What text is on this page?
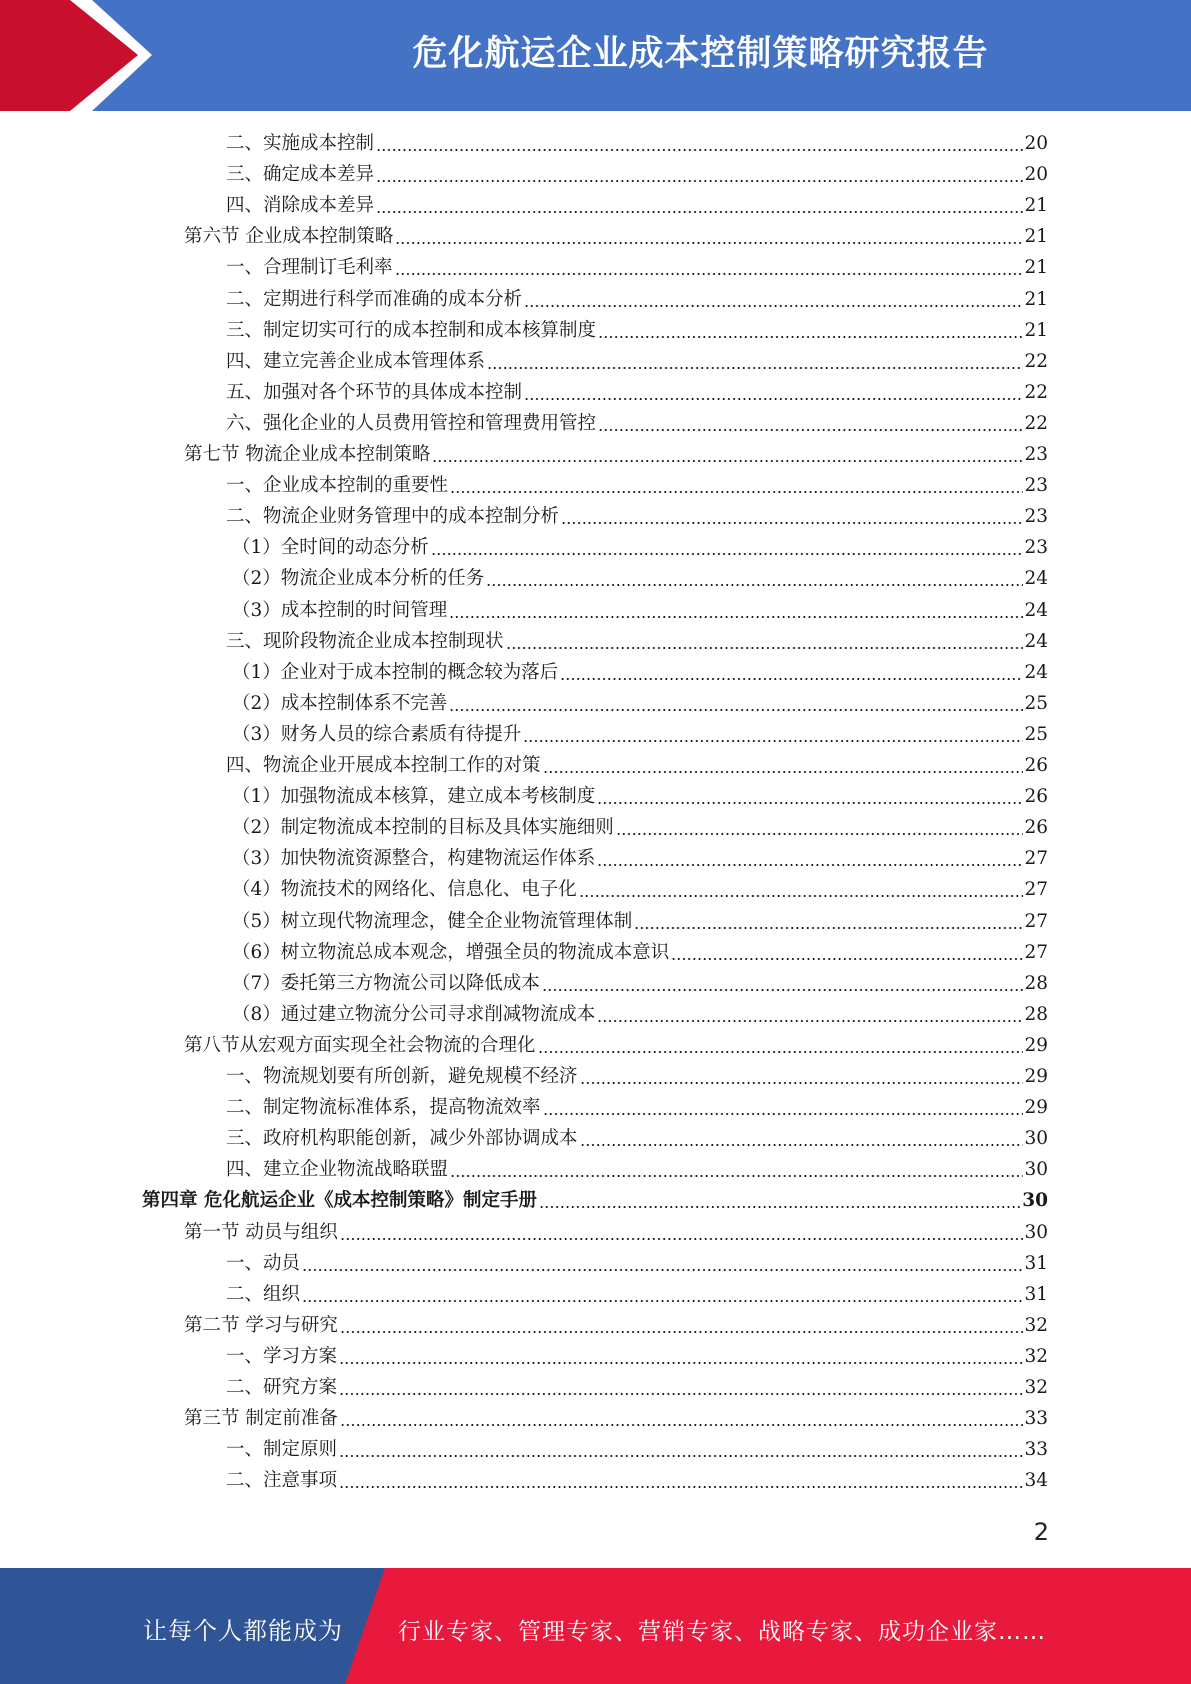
危化航运企业成本控制策略研究报告
二、实施成本控制	20
三、确定成本差异	20
四、消除成本差异	21
第六节 企业成本控制策略	21
一、合理制订毛利率	21
二、定期进行科学而准确的成本分析	21
三、制定切实可行的成本控制和成本核算制度	21
四、建立完善企业成本管理体系	22
五、加强对各个环节的具体成本控制	22
六、强化企业的人员费用管控和管理费用管控	22
第七节 物流企业成本控制策略	23
一、企业成本控制的重要性	23
二、物流企业财务管理中的成本控制分析	23
（1）全时间的动态分析	23
（2）物流企业成本分析的任务	24
（3）成本控制的时间管理	24
三、现阶段物流企业成本控制现状	24
（1）企业对于成本控制的概念较为落后	24
（2）成本控制体系不完善	25
（3）财务人员的综合素质有待提升	25
四、物流企业开展成本控制工作的对策	26
（1）加强物流成本核算，建立成本考核制度	26
（2）制定物流成本控制的目标及具体实施细则	26
（3）加快物流资源整合，构建物流运作体系	27
（4）物流技术的网络化、信息化、电子化	27
（5）树立现代物流理念，健全企业物流管理体制	27
（6）树立物流总成本观念，增强全员的物流成本意识	27
（7）委托第三方物流公司以降低成本	28
（8）通过建立物流分公司寻求削减物流成本	28
第八节从宏观方面实现全社会物流的合理化	29
一、物流规划要有所创新，避免规模不经济	29
二、制定物流标准体系，提高物流效率	29
三、政府机构职能创新，减少外部协调成本	30
四、建立企业物流战略联盟	30
第四章 危化航运企业《成本控制策略》制定手册	30
第一节 动员与组织	30
一、动员	31
二、组织	31
第二节 学习与研究	32
一、学习方案	32
二、研究方案	32
第三节 制定前准备	33
一、制定原则	33
二、注意事项	34
2
让每个人都能成为 行业专家、管理专家、营销专家、战略专家、成功企业家……
